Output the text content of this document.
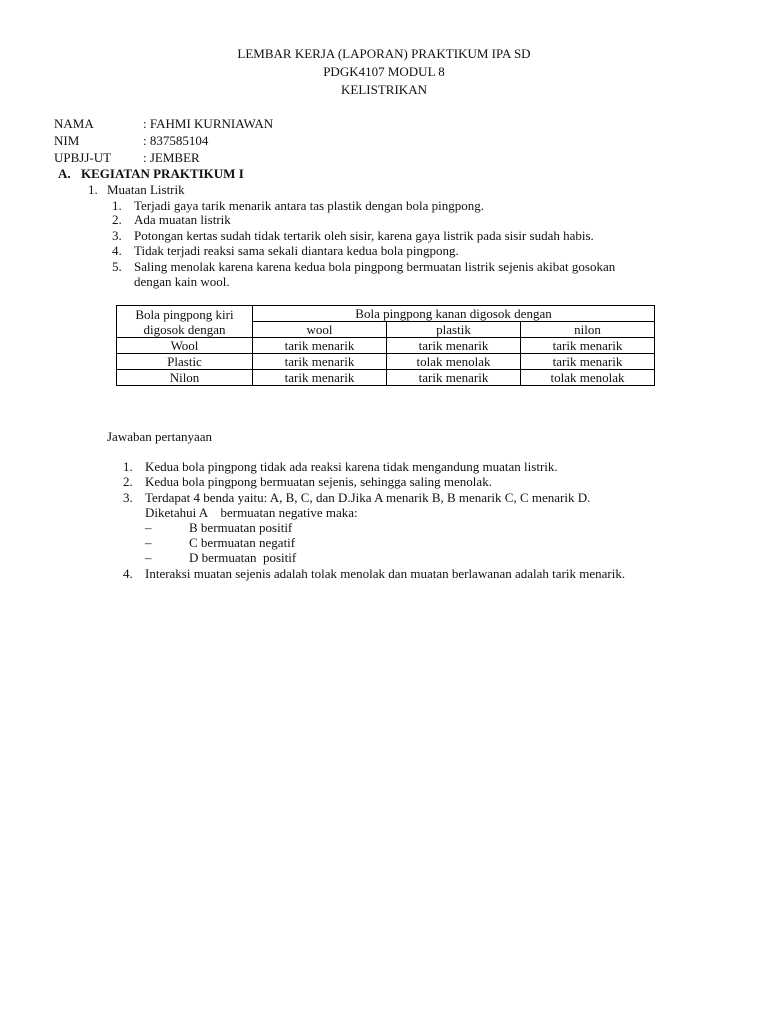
LEMBAR KERJA (LAPORAN) PRAKTIKUM IPA SD
PDGK4107 MODUL 8
KELISTRIKAN
NAMA	: FAHMI KURNIAWAN
NIM	: 837585104
UPBJJ-UT : JEMBER
A. KEGIATAN PRAKTIKUM I
1. Muatan Listrik
1. Terjadi gaya tarik menarik antara tas plastik dengan bola pingpong.
2. Ada muatan listrik
3. Potongan kertas sudah tidak tertarik oleh sisir, karena gaya listrik pada sisir sudah habis.
4. Tidak terjadi reaksi sama sekali diantara kedua bola pingpong.
5. Saling menolak karena karena kedua bola pingpong bermuatan listrik sejenis akibat gosokan
dengan kain wool.
Bola pingpong kiri
digosok dengan	Bola pingpong kanan digosok dengan		
	wool	plastik	nilon
Wool	tarik menarik	tarik menarik	tarik menarik
Plastic	tarik menarik	tolak menolak	tarik menarik
Nilon	tarik menarik	tarik menarik	tolak menolak
Jawaban pertanyaan
1. Kedua bola pingpong tidak ada reaksi karena tidak mengandung muatan listrik.
2. Kedua bola pingpong bermuatan sejenis, sehingga saling menolak.
3. Terdapat 4 benda yaitu: A, B, C, dan D.Jika A menarik B, B menarik C, C menarik D.
Diketahui A    bermuatan negative maka:
–	B bermuatan positif
–	C bermuatan negatif
–	D bermuatan  positif
4. Interaksi muatan sejenis adalah tolak menolak dan muatan berlawanan adalah tarik menarik.
